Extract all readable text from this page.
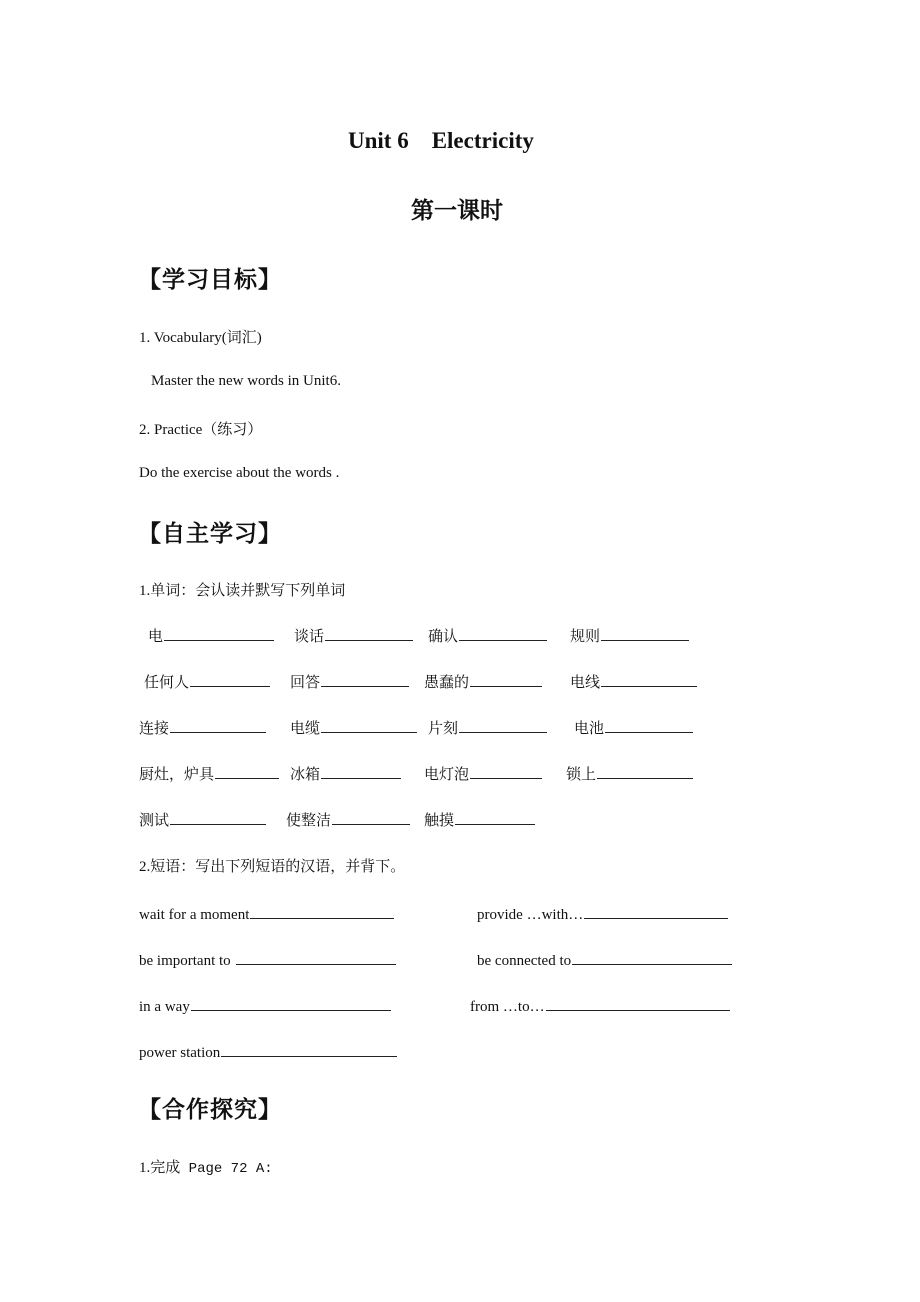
Unit 6　Electricity
第一课时
【学习目标】
1. Vocabulary(词汇)
Master the new words in Unit6.
2. Practice（练习）
Do the exercise about the words .
【自主学习】
1.单词：会认读并默写下列单词
电	谈话	确认	规则
任何人	回答	愚蠢的	电线
连接	电缆	片刻	电池
厨灶，炉具	冰箱	电灯泡	锁上
测试	使整洁	触摸
2.短语：写出下列短语的汉语，并背下。
wait for a moment	provide …with…
be important to	be connected to
in a way	from …to…
power station
【合作探究】
1.完成 Page 72 A:
